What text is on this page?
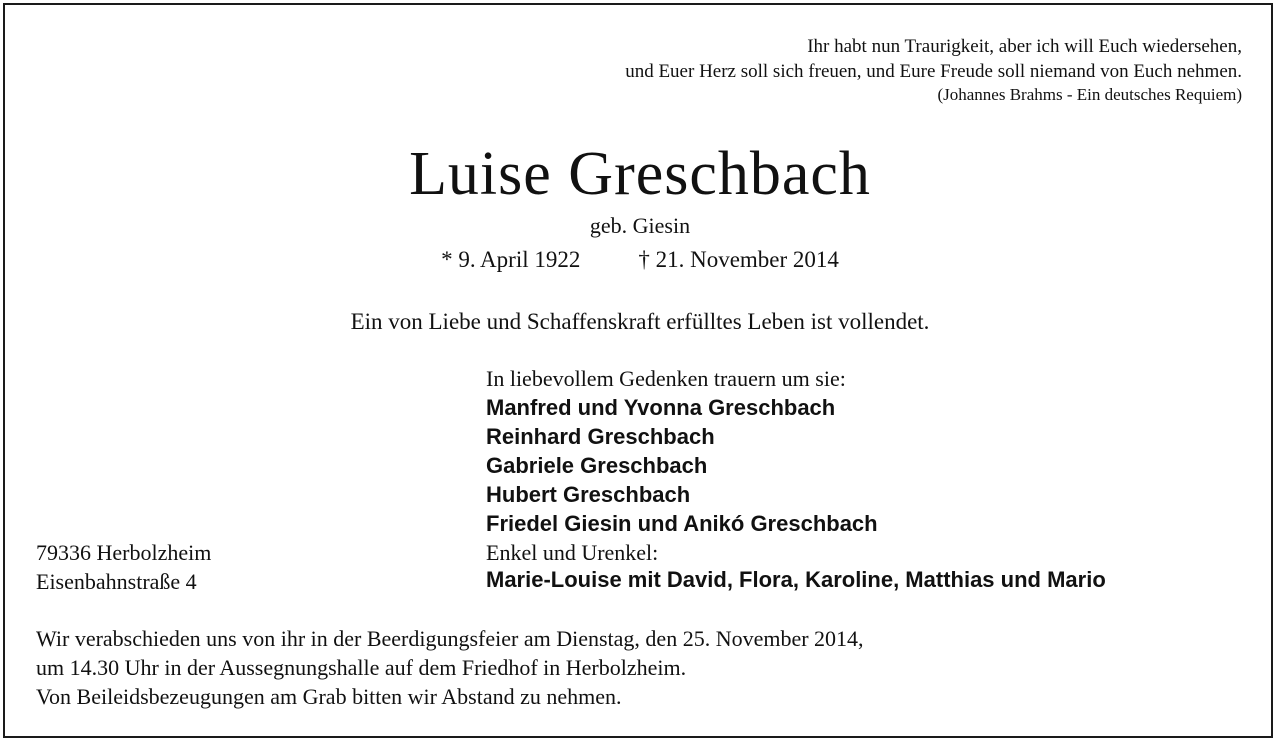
Ihr habt nun Traurigkeit, aber ich will Euch wiedersehen,
und Euer Herz soll sich freuen, und Eure Freude soll niemand von Euch nehmen.
(Johannes Brahms - Ein deutsches Requiem)
Luise Greschbach
geb. Giesin
* 9. April 1922	† 21. November 2014
Ein von Liebe und Schaffenskraft erfülltes Leben ist vollendet.
In liebevollem Gedenken trauern um sie:
Manfred und Yvonna Greschbach
Reinhard Greschbach
Gabriele Greschbach
Hubert Greschbach
Friedel Giesin und Anikó Greschbach
Enkel und Urenkel:
Marie-Louise mit David, Flora, Karoline, Matthias und Mario
79336 Herbolzheim
Eisenbahnstraße 4
Wir verabschieden uns von ihr in der Beerdigungsfeier am Dienstag, den 25. November 2014,
um 14.30 Uhr in der Aussegnungshalle auf dem Friedhof in Herbolzheim.
Von Beileidsbezeugungen am Grab bitten wir Abstand zu nehmen.
